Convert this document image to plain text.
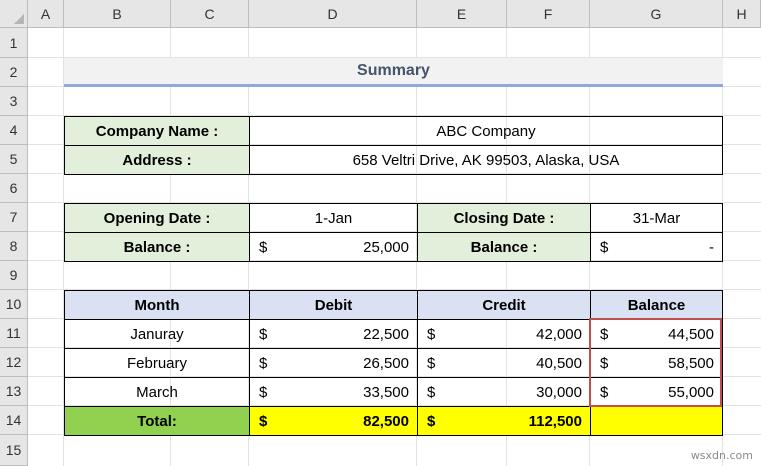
A	B	C	D	E	F	G	H
1
2
3
4
5
6
7
8
9
10
11
12
13
14
15
Summary
Company Name :	ABC Company
Address :	658 Veltri Drive, AK 99503, Alaska, USA
Opening Date :	1-Jan	Closing Date :	31-Mar
Balance :	$	25,000	Balance :	$	-
Month	Debit	Credit	Balance
Januray	$	22,500 $	42,000 $	44,500
February	$	26,500 $	40,500 $	58,500
March	$	33,500 $	30,000 $	55,000
Total:	$	82,500 $	112,500
wsxdn.com
